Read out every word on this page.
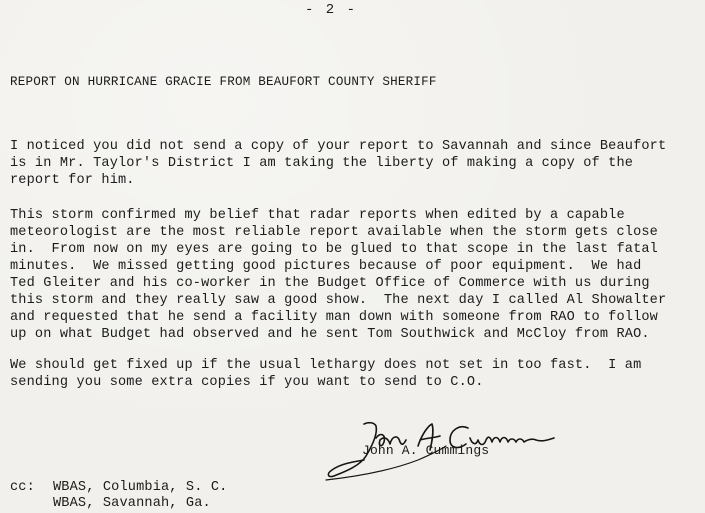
- 2 -
REPORT ON HURRICANE GRACIE FROM BEAUFORT COUNTY SHERIFF
I noticed you did not send a copy of your report to Savannah and since Beaufort
is in Mr. Taylor's District I am taking the liberty of making a copy of the
report for him.
This storm confirmed my belief that radar reports when edited by a capable
meteorologist are the most reliable report available when the storm gets close
in.  From now on my eyes are going to be glued to that scope in the last fatal
minutes.  We missed getting good pictures because of poor equipment.  We had
Ted Gleiter and his co-worker in the Budget Office of Commerce with us during
this storm and they really saw a good show.  The next day I called Al Showalter
and requested that he send a facility man down with someone from RAO to follow
up on what Budget had observed and he sent Tom Southwick and McCloy from RAO.
We should get fixed up if the usual lethargy does not set in too fast.  I am
sending you some extra copies if you want to send to C.O.
John A. Cummings
cc: WBAS, Columbia, S. C.
WBAS, Savannah, Ga.
